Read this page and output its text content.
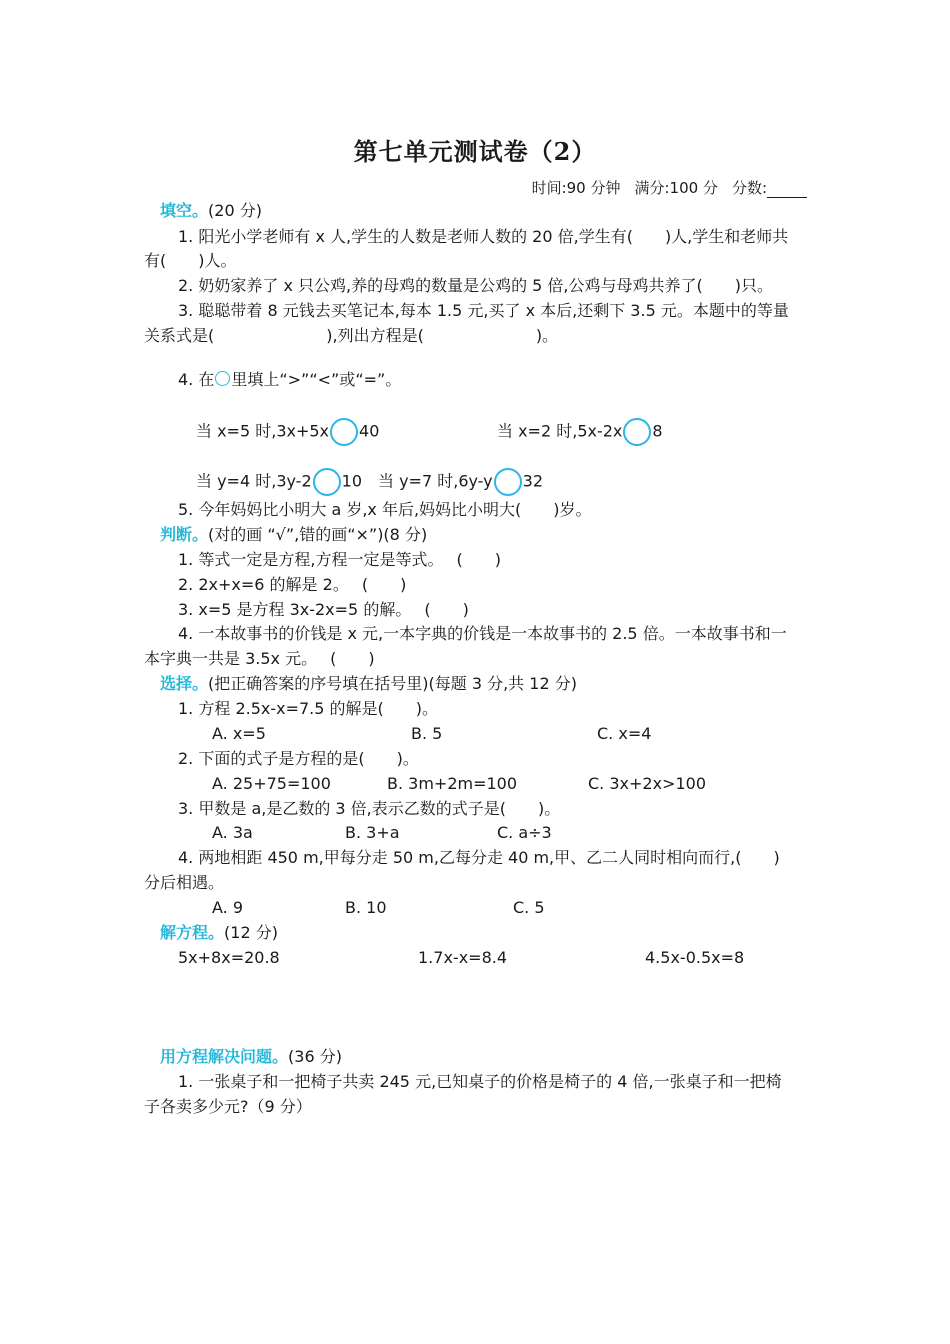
第七单元测试卷（2）
时间:90 分钟 满分:100 分 分数:
填空。(20 分)
1. 阳光小学老师有 x 人,学生的人数是老师人数的 20 倍,学生有(　　)人,学生和老师共
有(　　)人。
2. 奶奶家养了 x 只公鸡,养的母鸡的数量是公鸡的 5 倍,公鸡与母鸡共养了(　　)只。
3. 聪聪带着 8 元钱去买笔记本,每本 1.5 元,买了 x 本后,还剩下 3.5 元。本题中的等量
关系式是(　　　　　　　),列出方程是(　　　　　　　)。
4. 在 里填上“>”“<”或“=”。
当 x=5 时,3x+5x 40	当 x=2 时,5x-2x 8
当 y=4 时,3y-2 10 当 y=7 时,6y-y 32
5. 今年妈妈比小明大 a 岁,x 年后,妈妈比小明大(　　)岁。
判断。(对的画 “√”,错的画“×”)(8 分)
1. 等式一定是方程,方程一定是等式。　 (　　)
2. 2x+x=6 的解是 2。　 (　　)
3. x=5 是方程 3x-2x=5 的解。　 (　　)
4. 一本故事书的价钱是 x 元,一本字典的价钱是一本故事书的 2.5 倍。一本故事书和一
本字典一共是 3.5x 元。　 (　　)
选择。(把正确答案的序号填在括号里)(每题 3 分,共 12 分)
1. 方程 2.5x-x=7.5 的解是(　　)。
A. x=5	B. 5	C. x=4
2. 下面的式子是方程的是(　　)。
A. 25+75=100	B. 3m+2m=100	C. 3x+2x>100
3. 甲数是 a,是乙数的 3 倍,表示乙数的式子是(　　)。
A. 3a	B. 3+a	C. a÷3
4. 两地相距 450 m,甲每分走 50 m,乙每分走 40 m,甲、乙二人同时相向而行,(　　)
分后相遇。
A. 9	B. 10	C. 5
解方程。(12 分)
5x+8x=20.8	1.7x-x=8.4	4.5x-0.5x=8
用方程解决问题。(36 分)
1. 一张桌子和一把椅子共卖 245 元,已知桌子的价格是椅子的 4 倍,一张桌子和一把椅
子各卖多少元?（9 分）
